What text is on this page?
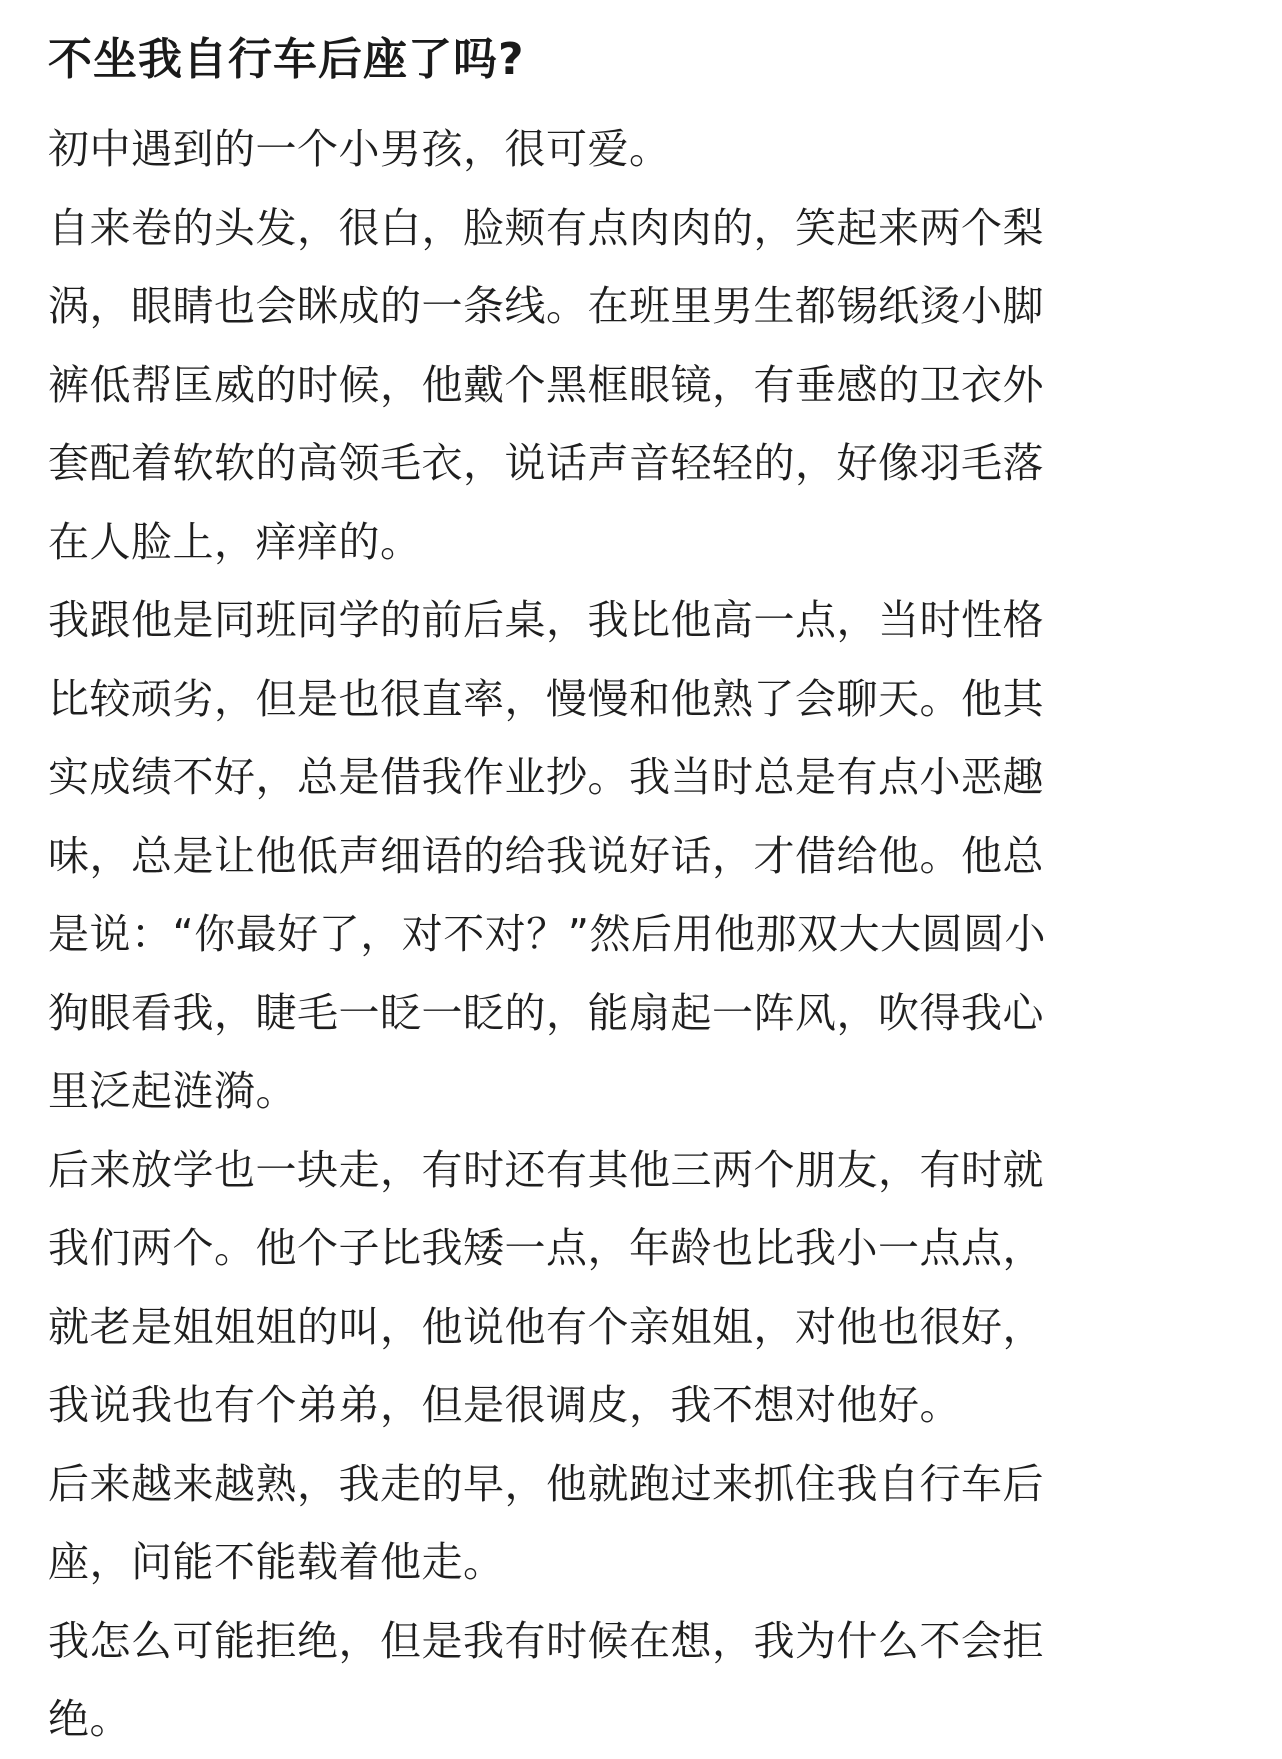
不坐我自行车后座了吗?
初中遇到的一个小男孩，很可爱。
自来卷的头发，很白，脸颊有点肉肉的，笑起来两个梨
涡，眼睛也会眯成的一条线。在班里男生都锡纸烫小脚
裤低帮匡威的时候，他戴个黑框眼镜，有垂感的卫衣外
套配着软软的高领毛衣，说话声音轻轻的，好像羽毛落
在人脸上，痒痒的。
我跟他是同班同学的前后桌，我比他高一点，当时性格
比较顽劣，但是也很直率，慢慢和他熟了会聊天。他其
实成绩不好，总是借我作业抄。我当时总是有点小恶趣
味，总是让他低声细语的给我说好话，才借给他。他总
是说：“你最好了，对不对？”然后用他那双大大圆圆小
狗眼看我，睫毛一眨一眨的，能扇起一阵风，吹得我心
里泛起涟漪。
后来放学也一块走，有时还有其他三两个朋友，有时就
我们两个。他个子比我矮一点，年龄也比我小一点点，
就老是姐姐姐的叫，他说他有个亲姐姐，对他也很好，
我说我也有个弟弟，但是很调皮，我不想对他好。
后来越来越熟，我走的早，他就跑过来抓住我自行车后
座，问能不能载着他走。
我怎么可能拒绝，但是我有时候在想，我为什么不会拒
绝。
